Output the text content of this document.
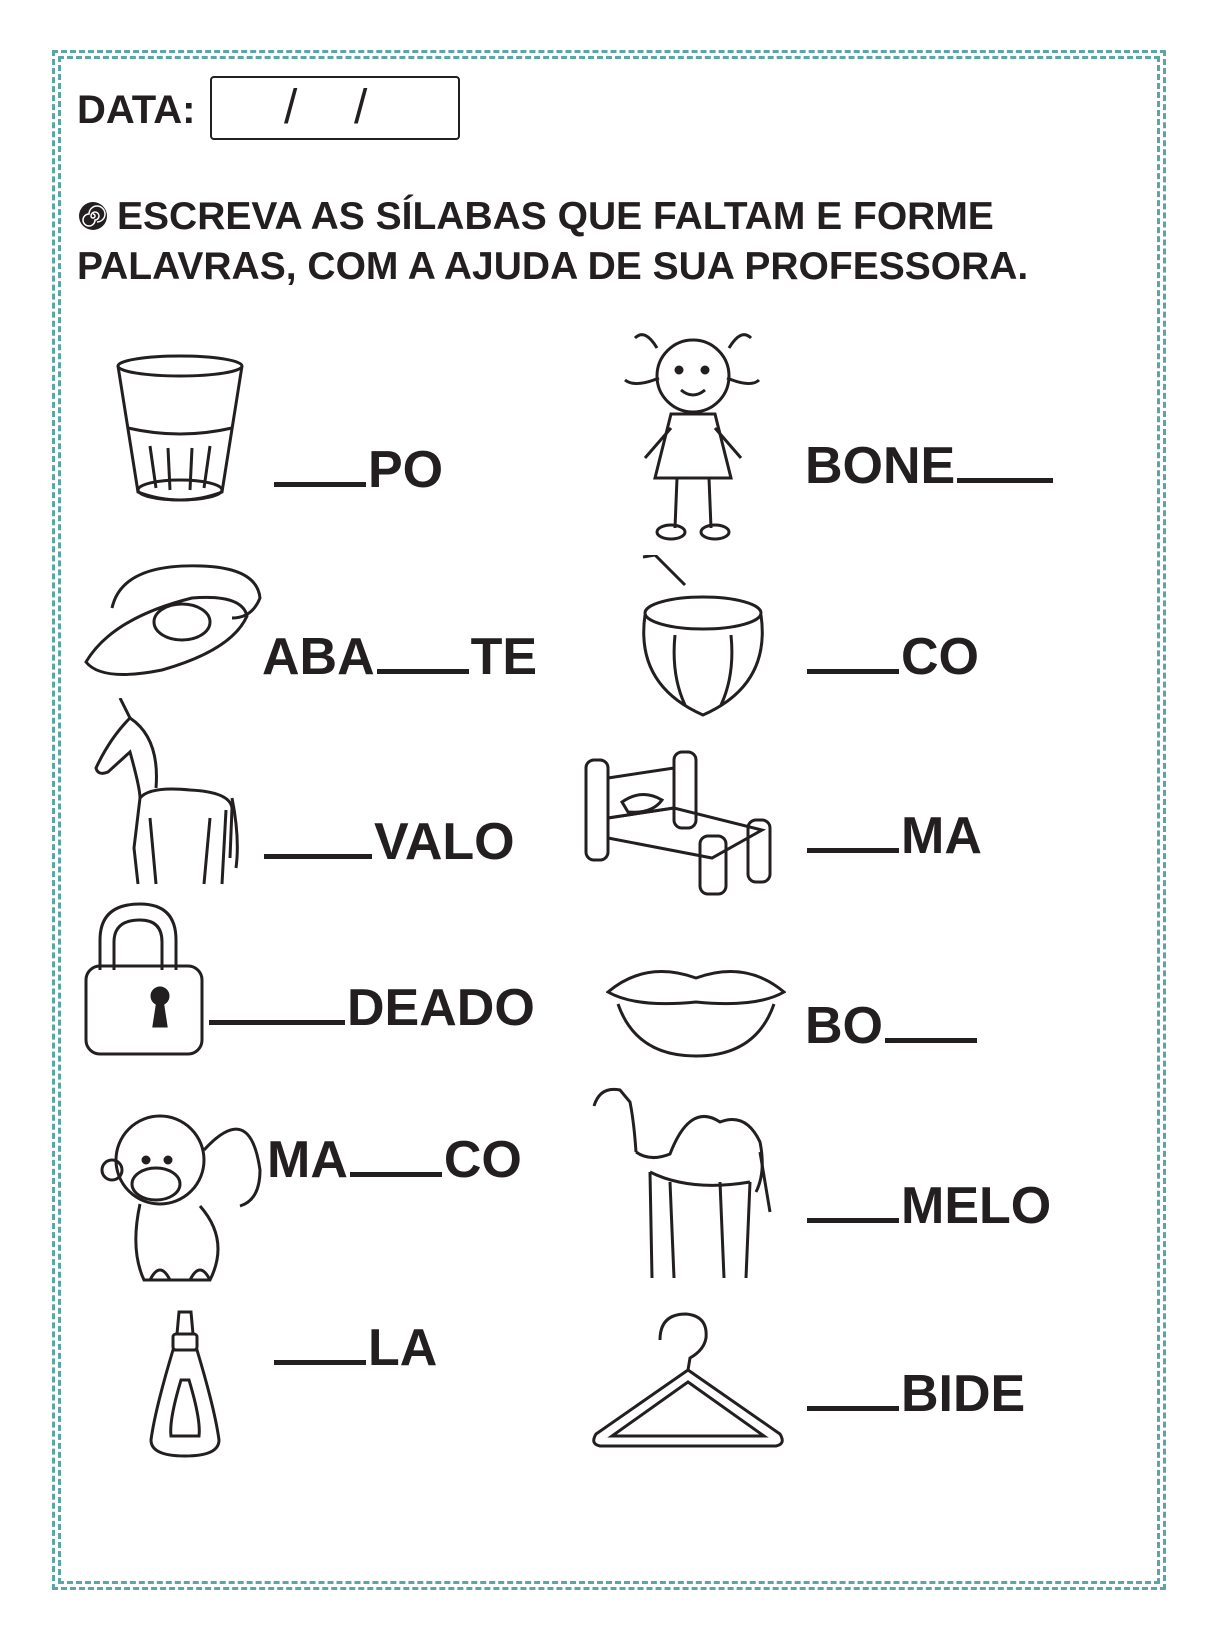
DATA: / /
ESCREVA AS SÍLABAS QUE FALTAM E FORME
PALAVRAS, COM A AJUDA DE SUA PROFESSORA.
PO	BONE
ABA TE	CO
VALO	MA
DEADO	BO
MA CO
MELO
LA
BIDE
